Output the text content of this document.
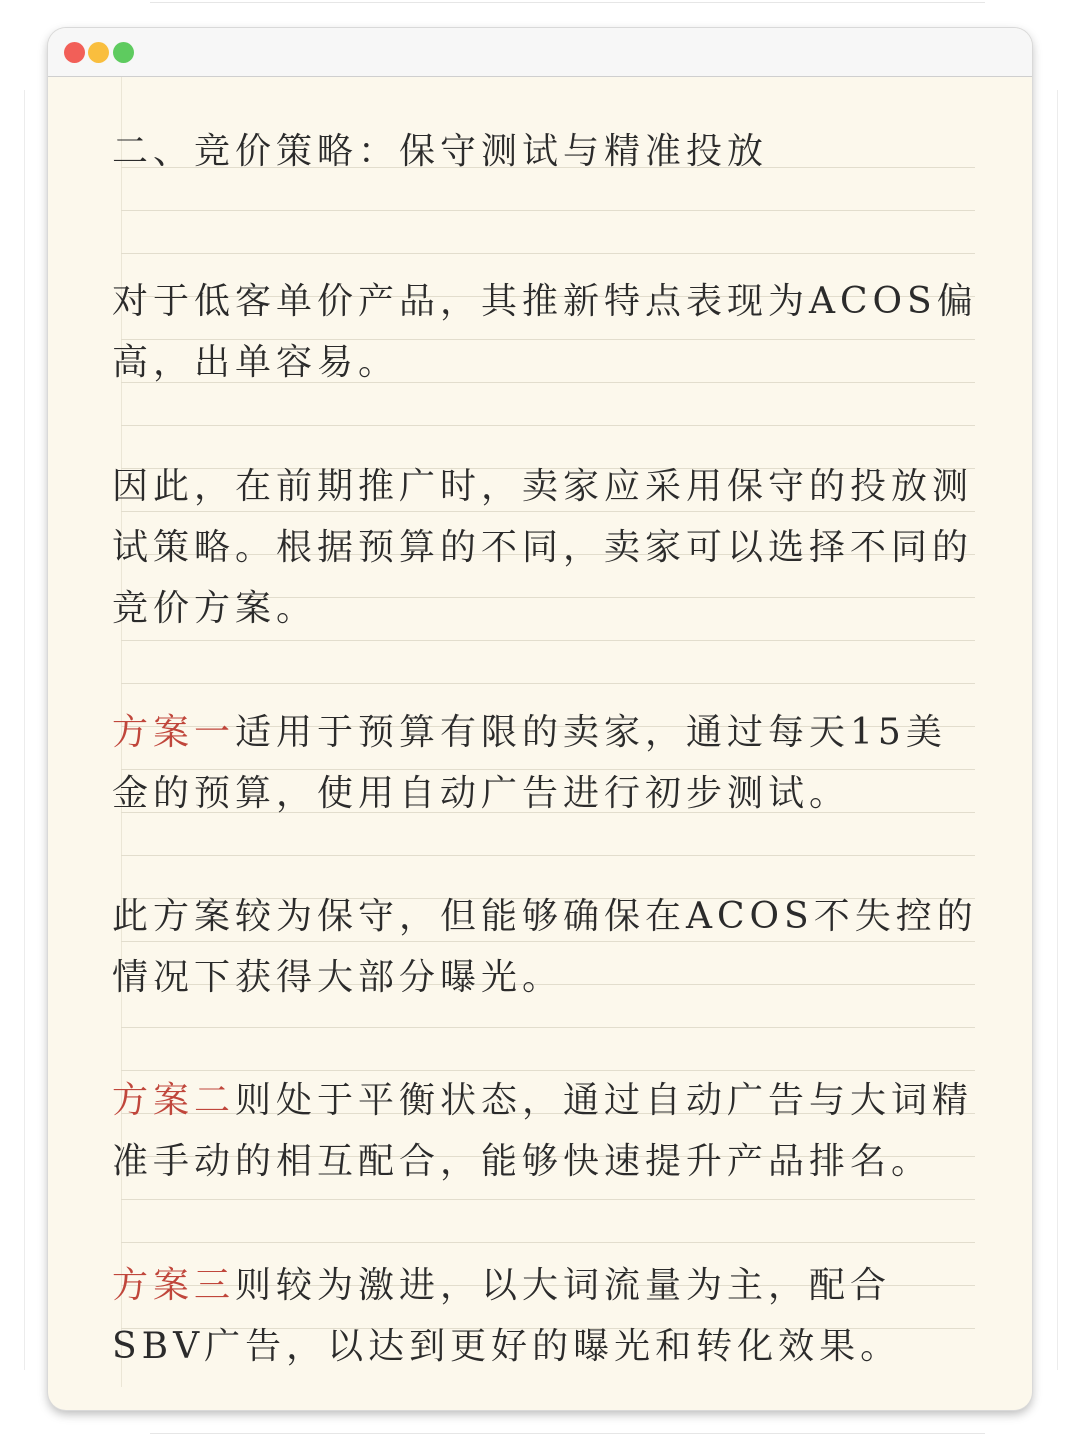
二、竞价策略：保守测试与精准投放

对于低客单价产品，其推新特点表现为ACOS偏高，出单容易。

因此，在前期推广时，卖家应采用保守的投放测试策略。根据预算的不同，卖家可以选择不同的竞价方案。

方案一适用于预算有限的卖家，通过每天15美金的预算，使用自动广告进行初步测试。

此方案较为保守，但能够确保在ACOS不失控的情况下获得大部分曝光。

方案二则处于平衡状态，通过自动广告与大词精准手动的相互配合，能够快速提升产品排名。

方案三则较为激进，以大词流量为主，配合SBV广告，以达到更好的曝光和转化效果。
